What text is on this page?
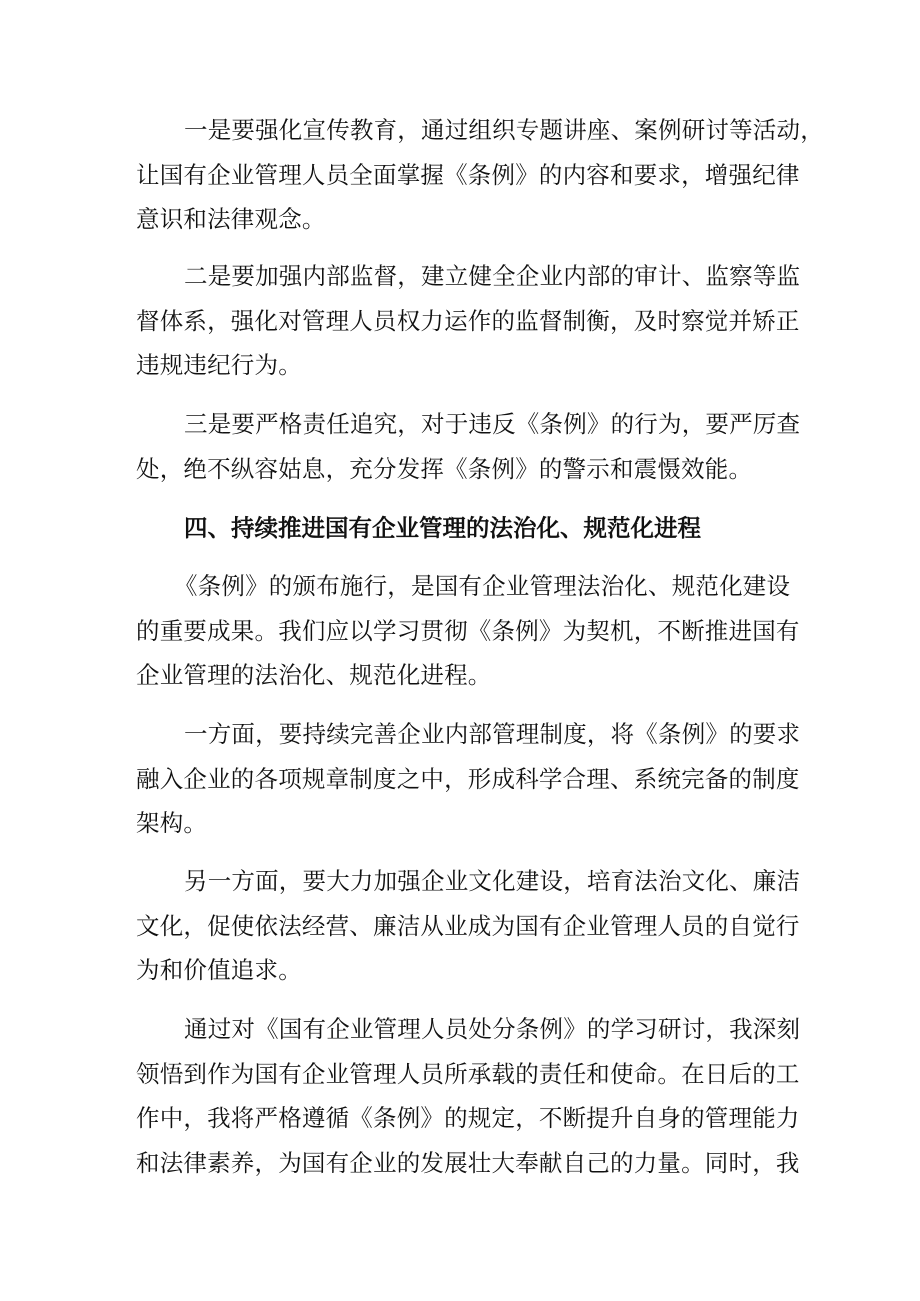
一是要强化宣传教育，通过组织专题讲座、案例研讨等活动，
让国有企业管理人员全面掌握《条例》的内容和要求，增强纪律
意识和法律观念。

二是要加强内部监督，建立健全企业内部的审计、监察等监
督体系，强化对管理人员权力运作的监督制衡，及时察觉并矫正
违规违纪行为。

三是要严格责任追究，对于违反《条例》的行为，要严厉查
处，绝不纵容姑息，充分发挥《条例》的警示和震慑效能。

四、持续推进国有企业管理的法治化、规范化进程

《条例》的颁布施行，是国有企业管理法治化、规范化建设
的重要成果。我们应以学习贯彻《条例》为契机，不断推进国有
企业管理的法治化、规范化进程。

一方面，要持续完善企业内部管理制度，将《条例》的要求
融入企业的各项规章制度之中，形成科学合理、系统完备的制度
架构。

另一方面，要大力加强企业文化建设，培育法治文化、廉洁
文化，促使依法经营、廉洁从业成为国有企业管理人员的自觉行
为和价值追求。

通过对《国有企业管理人员处分条例》的学习研讨，我深刻
领悟到作为国有企业管理人员所承载的责任和使命。在日后的工
作中，我将严格遵循《条例》的规定，不断提升自身的管理能力
和法律素养，为国有企业的发展壮大奉献自己的力量。同时，我
